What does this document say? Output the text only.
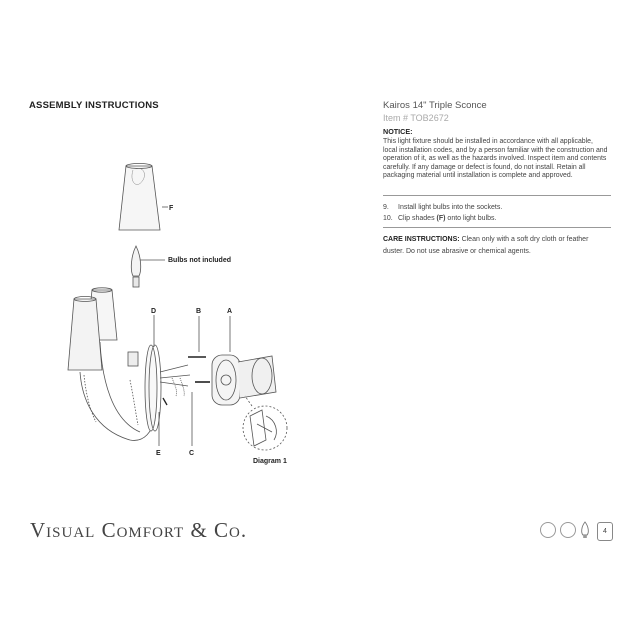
ASSEMBLY INSTRUCTIONS	Kairos 14" Triple Sconce

Item # TOB2672

NOTICE:
This light fixture should be installed in accordance with all applicable, local installation codes, and by a person familiar with the construction and operation of it, as well as the hazards involved. Inspect item and contents carefully. If any damage or defect is found, do not install. Retain all packaging material until installation is complete and approved.
9. Install light bulbs into the sockets.
10. Clip shades (F) onto light bulbs.
CARE INSTRUCTIONS: Clean only with a soft dry cloth or feather duster. Do not use abrasive or chemical agents.
F
Bulbs not included
D	B	A
E	C
Diagram 1
Visual Comfort & Co.	4
